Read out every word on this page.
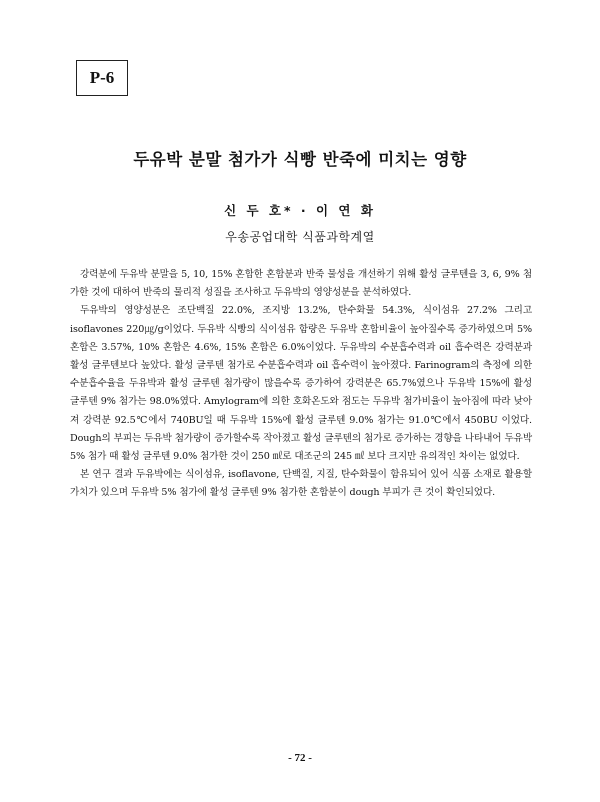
P-6
두유박 분말 첨가가 식빵 반죽에 미치는 영향
신 두 호* · 이 연 화
우송공업대학 식품과학계열

강력분에 두유박 분말을 5, 10, 15% 혼합한 혼합분과 반죽 물성을 개선하기 위해 활성 글루텐을 3, 6, 9% 첨가한 것에 대하여 반죽의 물리적 성질을 조사하고 두유박의 영양성분을 분석하였다.

두유박의 영양성분은 조단백질 22.0%, 조지방 13.2%, 탄수화물 54.3%, 식이섬유 27.2% 그리고 isoflavones 220㎍/g이었다. 두유박 식빵의 식이섬유 함량은 두유박 혼합비율이 높아질수록 증가하였으며 5% 혼합은 3.57%, 10% 혼합은 4.6%, 15% 혼합은 6.0%이었다. 두유박의 수분흡수력과 oil 흡수력은 강력분과 활성 글루텐보다 높았다. 활성 글루텐 첨가로 수분흡수력과 oil 흡수력이 높아졌다. Farinogram의 측정에 의한 수분흡수율을 두유박과 활성 글루텐 첨가량이 많을수록 증가하여 강력분은 65.7%였으나 두유박 15%에 활성 글루텐 9% 첨가는 98.0%였다. Amylogram에 의한 호화온도와 점도는 두유박 첨가비율이 높아짐에 따라 낮아져 강력분 92.5℃에서 740BU일 때 두유박 15%에 활성 글루텐 9.0% 첨가는 91.0℃에서 450BU 이었다. Dough의 부피는 두유박 첨가량이 증가할수록 작아졌고 활성 글루텐의 첨가로 증가하는 경향을 나타내어 두유박 5% 첨가 때 활성 글루텐 9.0% 첨가한 것이 250 ㎖로 대조군의 245 ㎖ 보다 크지만 유의적인 차이는 없었다.

본 연구 결과 두유박에는 식이섬유, isoflavone, 단백질, 지질, 탄수화물이 함유되어 있어 식품 소재로 활용할 가치가 있으며 두유박 5% 첨가에 활성 글루텐 9% 첨가한 혼합분이 dough 부피가 큰 것이 확인되었다.

- 72 -
